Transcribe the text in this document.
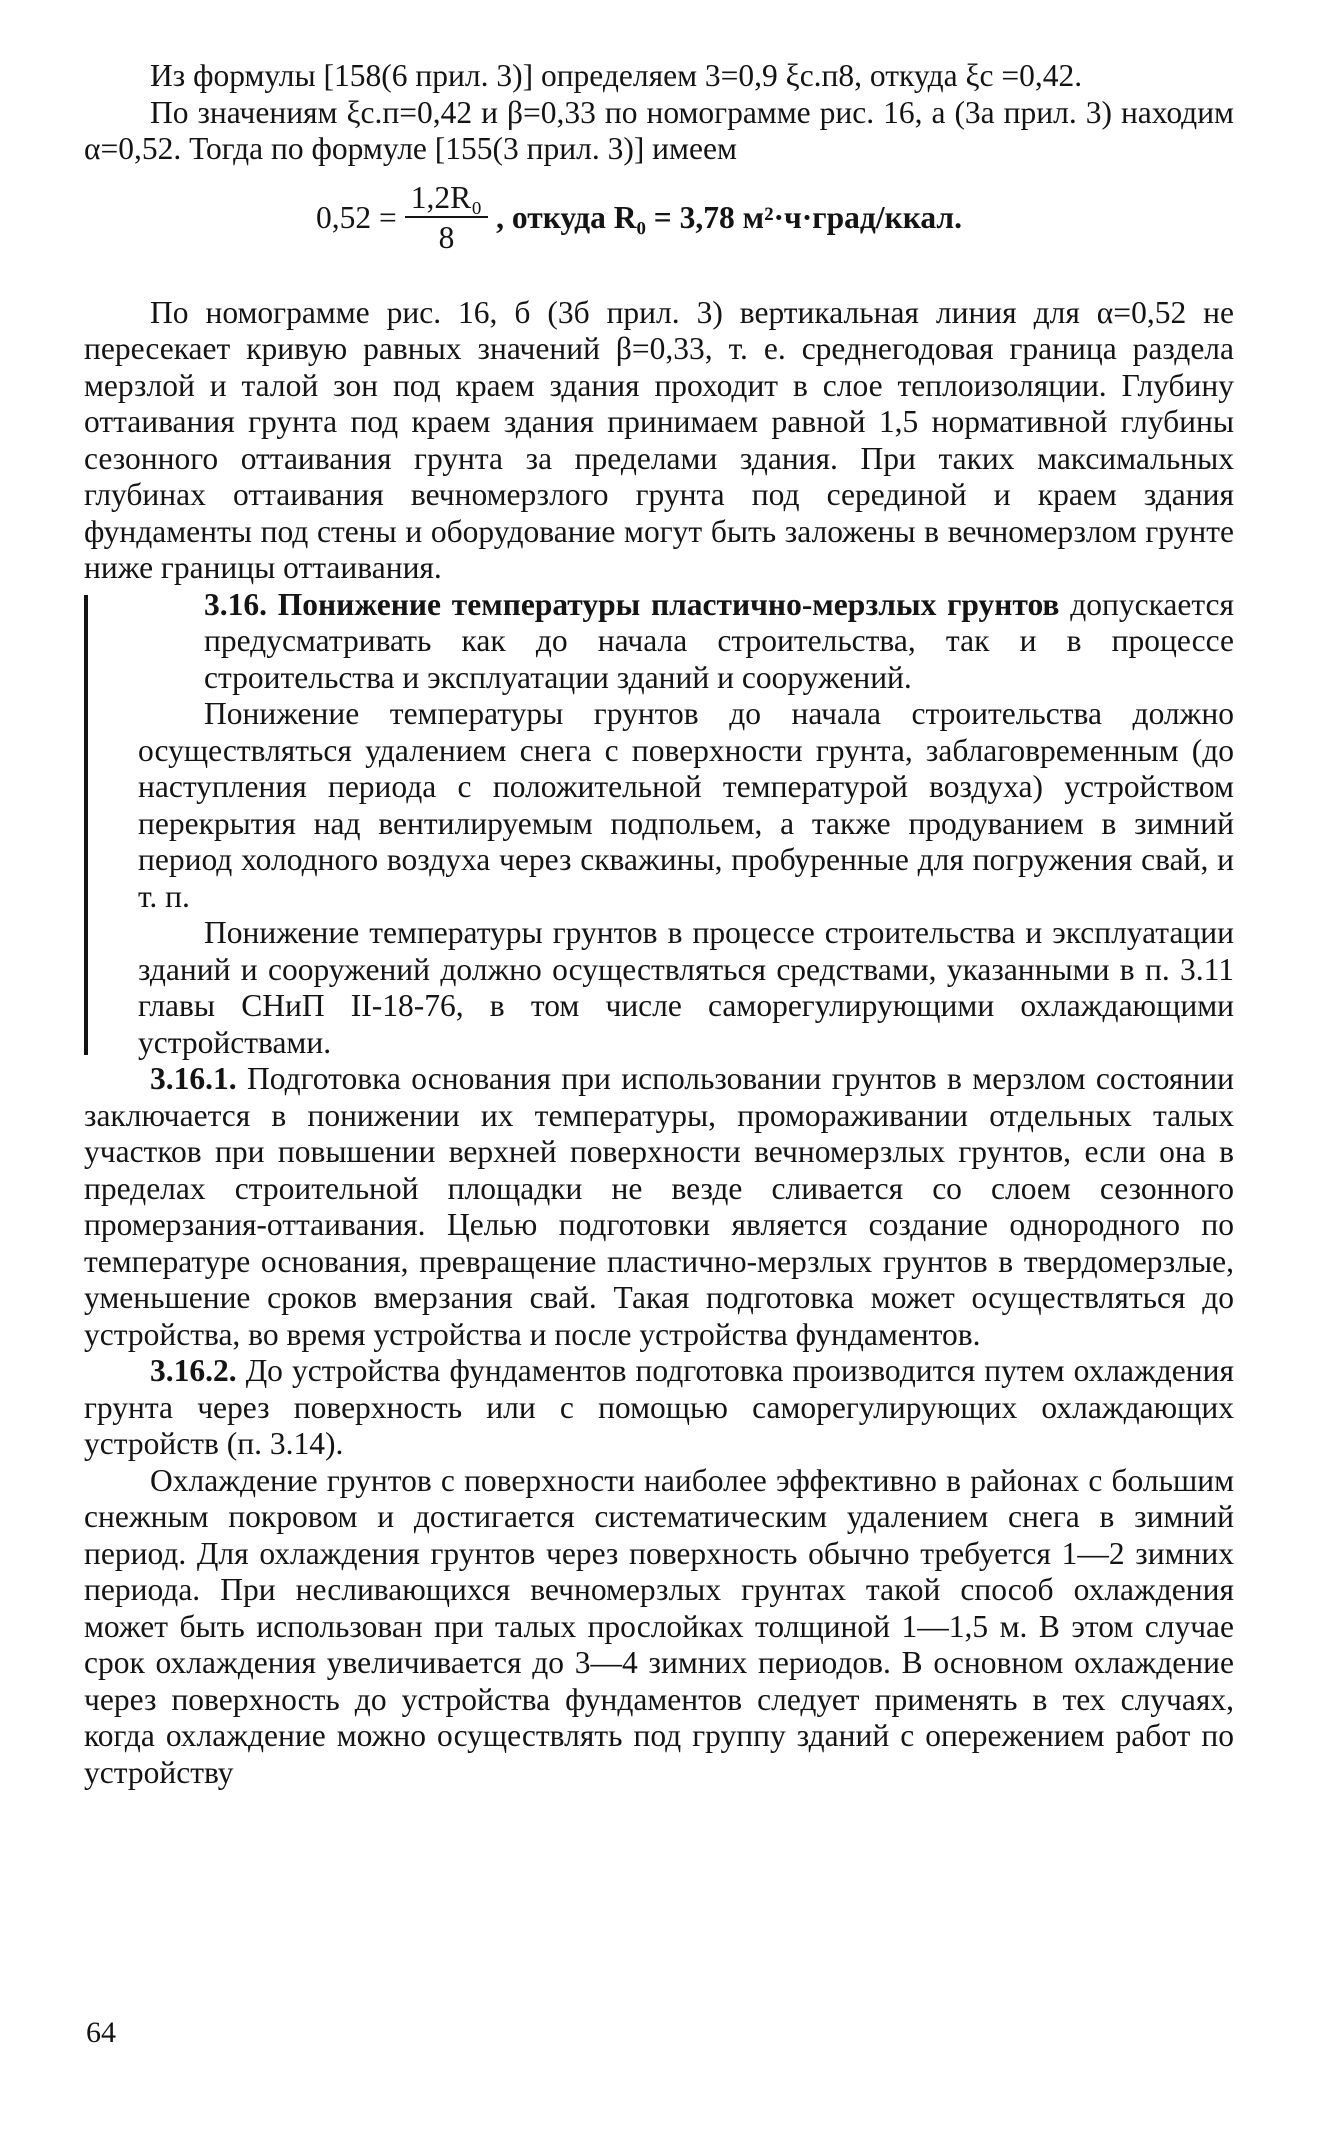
Из формулы [158(6 прил. 3)] определяем 3=0,9 ξс.п8, откуда ξс =0,42.

По значениям ξс.п=0,42 и β=0,33 по номограмме рис. 16, а (3а прил. 3) находим α=0,52. Тогда по формуле [155(3 прил. 3)] имеем

$0,52 = \frac{\text{1,2R₀}}{8}$ , откуда R₀ = 3,78 м²·ч·град/ккал.

По номограмме рис. 16, б (3б прил. 3) вертикальная линия для α=0,52 не пересекает кривую равных значений β=0,33, т. е. среднегодовая граница раздела мерзлой и талой зон под краем здания проходит в слое теплоизоляции. Глубину оттаивания грунта под краем здания принимаем равной 1,5 нормативной глубины сезонного оттаивания грунта за пределами здания. При таких максимальных глубинах оттаивания вечномерзлого грунта под серединой и краем здания фундаменты под стены и оборудование могут быть заложены в вечномерзлом грунте ниже границы оттаивания.

3.16. Понижение температуры пластично-мерзлых грунтов допускается предусматривать как до начала строительства, так и в процессе строительства и эксплуатации зданий и сооружений.

Понижение температуры грунтов до начала строительства должно осуществляться удалением снега с поверхности грунта, заблаговременным (до наступления периода с положительной температурой воздуха) устройством перекрытия над вентилируемым подпольем, а также продуванием в зимний период холодного воздуха через скважины, пробуренные для погружения свай, и т. п.

Понижение температуры грунтов в процессе строительства и эксплуатации зданий и сооружений должно осуществляться средствами, указанными в п. 3.11 главы СНиП II-18-76, в том числе саморегулирующими охлаждающими устройствами.

3.16.1. Подготовка основания при использовании грунтов в мерзлом состоянии заключается в понижении их температуры, промораживании отдельных талых участков при повышении верхней поверхности вечномерзлых грунтов, если она в пределах строительной площадки не везде сливается со слоем сезонного промерзания-оттаивания. Целью подготовки является создание однородного по температуре основания, превращение пластично-мерзлых грунтов в твердомерзлые, уменьшение сроков вмерзания свай. Такая подготовка может осуществляться до устройства, во время устройства и после устройства фундаментов.

3.16.2. До устройства фундаментов подготовка производится путем охлаждения грунта через поверхность или с помощью саморегулирующих охлаждающих устройств (п. 3.14).

Охлаждение грунтов с поверхности наиболее эффективно в районах с большим снежным покровом и достигается систематическим удалением снега в зимний период. Для охлаждения грунтов через поверхность обычно требуется 1—2 зимних периода. При несливающихся вечномерзлых грунтах такой способ охлаждения может быть использован при талых прослойках толщиной 1—1,5 м. В этом случае срок охлаждения увеличивается до 3—4 зимних периодов. В основном охлаждение через поверхность до устройства фундаментов следует применять в тех случаях, когда охлаждение можно осуществлять под группу зданий с опережением работ по устройству

64
